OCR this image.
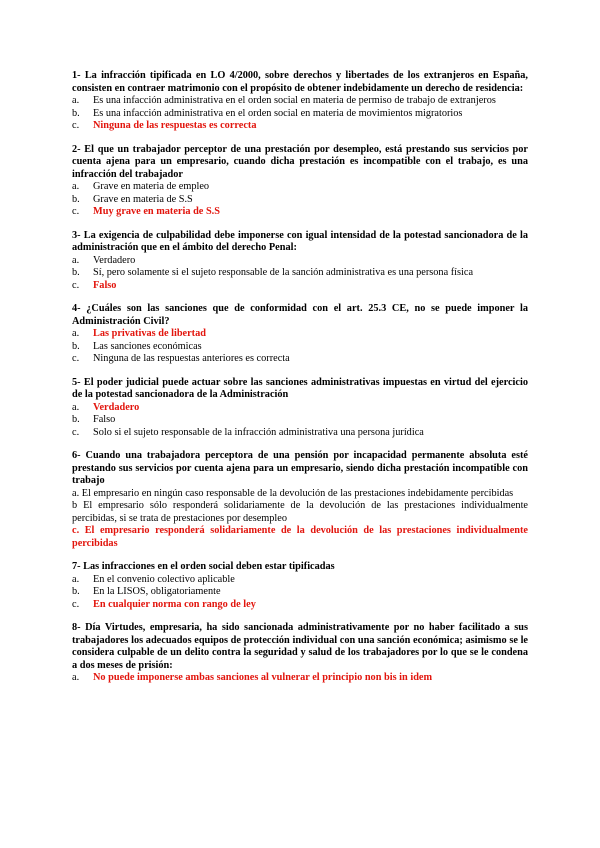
1- La infracción tipificada en LO 4/2000, sobre derechos y libertades de los extranjeros en España, consisten en contraer matrimonio con el propósito de obtener indebidamente un derecho de residencia:
a.	Es una infacción administrativa en el orden social en materia de permiso de trabajo de extranjeros
b.	Es una infacción administrativa en el orden social en materia de movimientos migratorios
c.	Ninguna de las respuestas es correcta
2- El que un trabajador perceptor de una prestación por desempleo, está prestando sus servicios por cuenta ajena para un empresario, cuando dicha prestación es incompatible con el trabajo, es una infracción del trabajador
a.	Grave en materia de empleo
b.	Grave en materia de S.S
c.	Muy grave en materia de S.S
3- La exigencia de culpabilidad debe imponerse con igual intensidad de la potestad sancionadora de la administración que en el ámbito del derecho Penal:
a.	Verdadero
b.	Sí, pero solamente si el sujeto responsable de la sanción administrativa es una persona física
c.	Falso
4- ¿Cuáles son las sanciones que de conformidad con el art. 25.3 CE, no se puede imponer la Administración Civil?
a.	Las privativas de libertad
b.	Las sanciones económicas
c.	Ninguna de las respuestas anteriores es correcta
5- El poder judicial puede actuar sobre las sanciones administrativas impuestas en virtud del ejercicio de la potestad sancionadora de la Administración
a.	Verdadero
b.	Falso
c.	Solo si el sujeto responsable de la infracción administrativa una persona jurídica
6- Cuando una trabajadora perceptora de una pensión por incapacidad permanente absoluta esté prestando sus servicios por cuenta ajena para un empresario, siendo dicha prestación incompatible con trabajo
a. El empresario en ningún caso responsable de la devolución de las prestaciones indebidamente percibidas
b El empresario sólo responderá solidariamente de la devolución de las prestaciones individualmente percibidas, si se trata de prestaciones por desempleo
c. El empresario responderá solidariamente de la devolución de las prestaciones individualmente percibidas
7- Las infracciones en el orden social deben estar tipificadas
a.	En el convenio colectivo aplicable
b.	En la LISOS, obligatoriamente
c.	En cualquier norma con rango de ley
8- Día Virtudes, empresaria, ha sido sancionada administrativamente por no haber facilitado a sus trabajadores los adecuados equipos de protección individual con una sanción económica; asimismo se le considera culpable de un delito contra la seguridad y salud de los trabajadores por lo que se le condena a dos meses de prisión:
a.	No puede imponerse ambas sanciones al vulnerar el principio non bis in idem
